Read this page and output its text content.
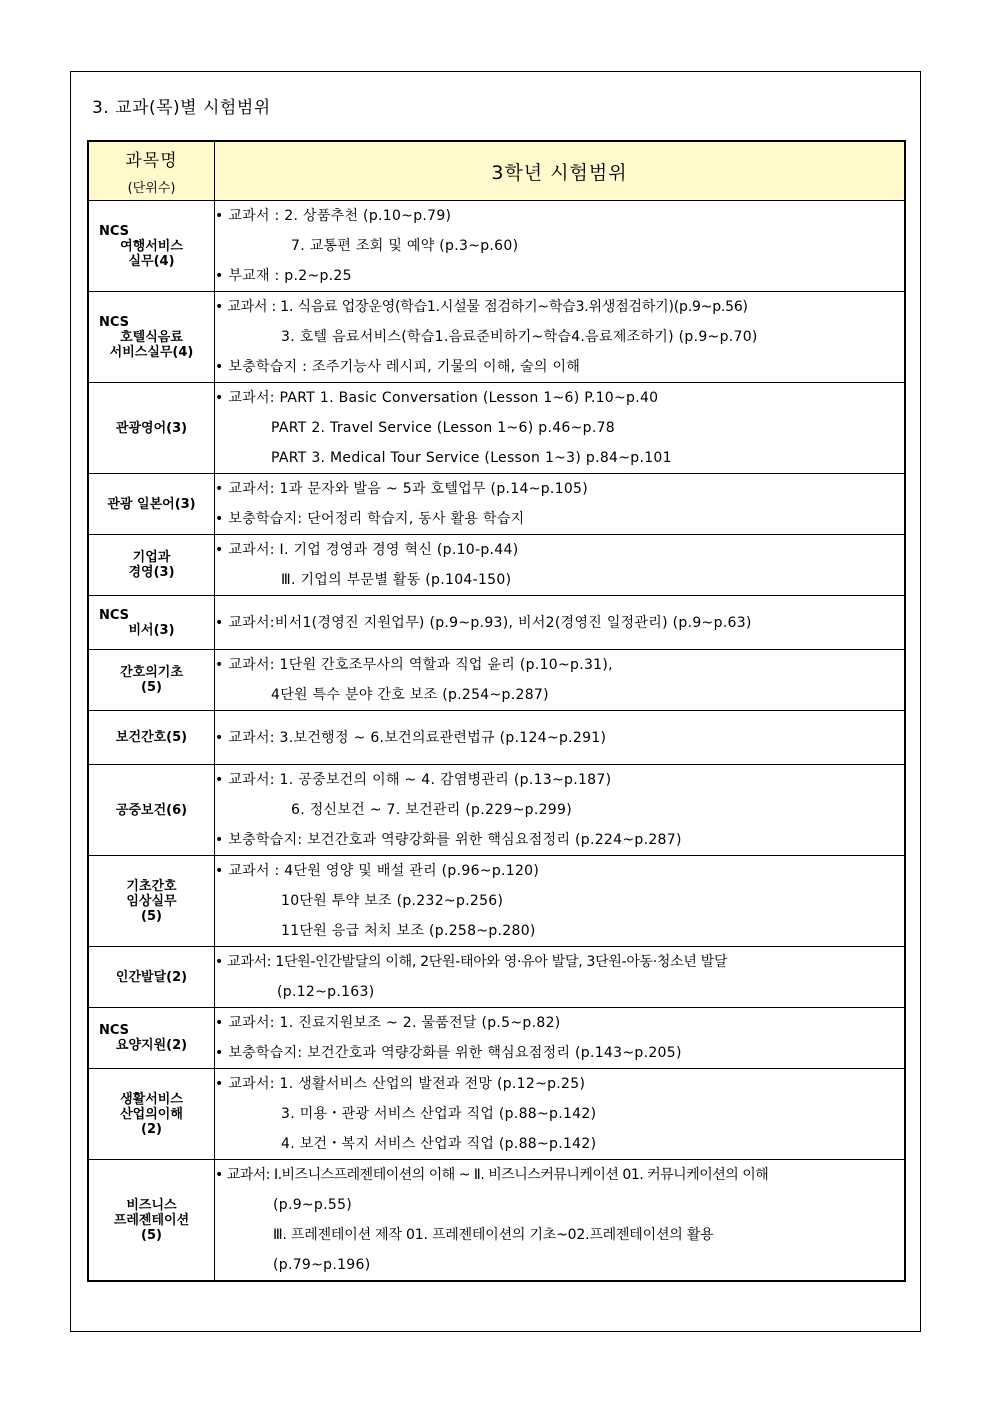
3. 교과(목)별 시험범위
과목명
(단위수)	3학년 시험범위

NCS
여행서비스
실무(4)	• 교과서 : 2. 상품추천 (p.10~p.79)
7. 교통편 조회 및 예약 (p.3~p.60)
• 부교재 : p.2~p.25

NCS
호텔식음료
서비스실무(4)	• 교과서 : 1. 식음료 업장운영(학습1.시설물 점검하기~학습3.위생점검하기)(p.9~p.56)
3. 호텔 음료서비스(학습1.음료준비하기~학습4.음료제조하기) (p.9~p.70)
• 보충학습지 : 조주기능사 레시피, 기물의 이해, 술의 이해

관광영어(3)	• 교과서: PART 1. Basic Conversation (Lesson 1~6) P.10~p.40
PART 2. Travel Service (Lesson 1~6) p.46~p.78
PART 3. Medical Tour Service (Lesson 1~3) p.84~p.101

관광 일본어(3)	• 교과서: 1과 문자와 발음 ~ 5과 호텔업무 (p.14~p.105)
• 보충학습지: 단어정리 학습지, 동사 활용 학습지

기업과
경영(3)	• 교과서: Ⅰ. 기업 경영과 경영 혁신 (p.10-p.44)
Ⅲ. 기업의 부문별 활동 (p.104-150)

NCS
비서(3)	• 교과서:비서1(경영진 지원업무) (p.9~p.93), 비서2(경영진 일정관리) (p.9~p.63)

간호의기초
(5)	• 교과서: 1단원 간호조무사의 역할과 직업 윤리 (p.10~p.31),
4단원 특수 분야 간호 보조 (p.254~p.287)

보건간호(5)	• 교과서: 3.보건행정 ~ 6.보건의료관련법규 (p.124~p.291)

공중보건(6)	• 교과서: 1. 공중보건의 이해 ~ 4. 감염병관리 (p.13~p.187)
6. 정신보건 ~ 7. 보건관리 (p.229~p.299)
• 보충학습지: 보건간호과 역량강화를 위한 핵심요점정리 (p.224~p.287)

기초간호
임상실무
(5)	• 교과서 : 4단원 영양 및 배설 관리 (p.96~p.120)
10단원 투약 보조 (p.232~p.256)
11단원 응급 처치 보조 (p.258~p.280)

인간발달(2)	• 교과서: 1단원-인간발달의 이해, 2단원-태아와 영·유아 발달, 3단원-아동·청소년 발달
(p.12~p.163)

NCS
요양지원(2)	• 교과서: 1. 진료지원보조 ~ 2. 물품전달 (p.5~p.82)
• 보충학습지: 보건간호과 역량강화를 위한 핵심요점정리 (p.143~p.205)

생활서비스
산업의이해
(2)	• 교과서: 1. 생활서비스 산업의 발전과 전망 (p.12~p.25)
3. 미용・관광 서비스 산업과 직업 (p.88~p.142)
4. 보건・복지 서비스 산업과 직업 (p.88~p.142)

비즈니스
프레젠테이션
(5)	• 교과서: Ⅰ.비즈니스프레젠테이션의 이해 ~ Ⅱ. 비즈니스커뮤니케이션 01. 커뮤니케이션의 이해
(p.9~p.55)
Ⅲ. 프레젠테이션 제작 01. 프레젠테이션의 기초~02.프레젠테이션의 활용
(p.79~p.196)
